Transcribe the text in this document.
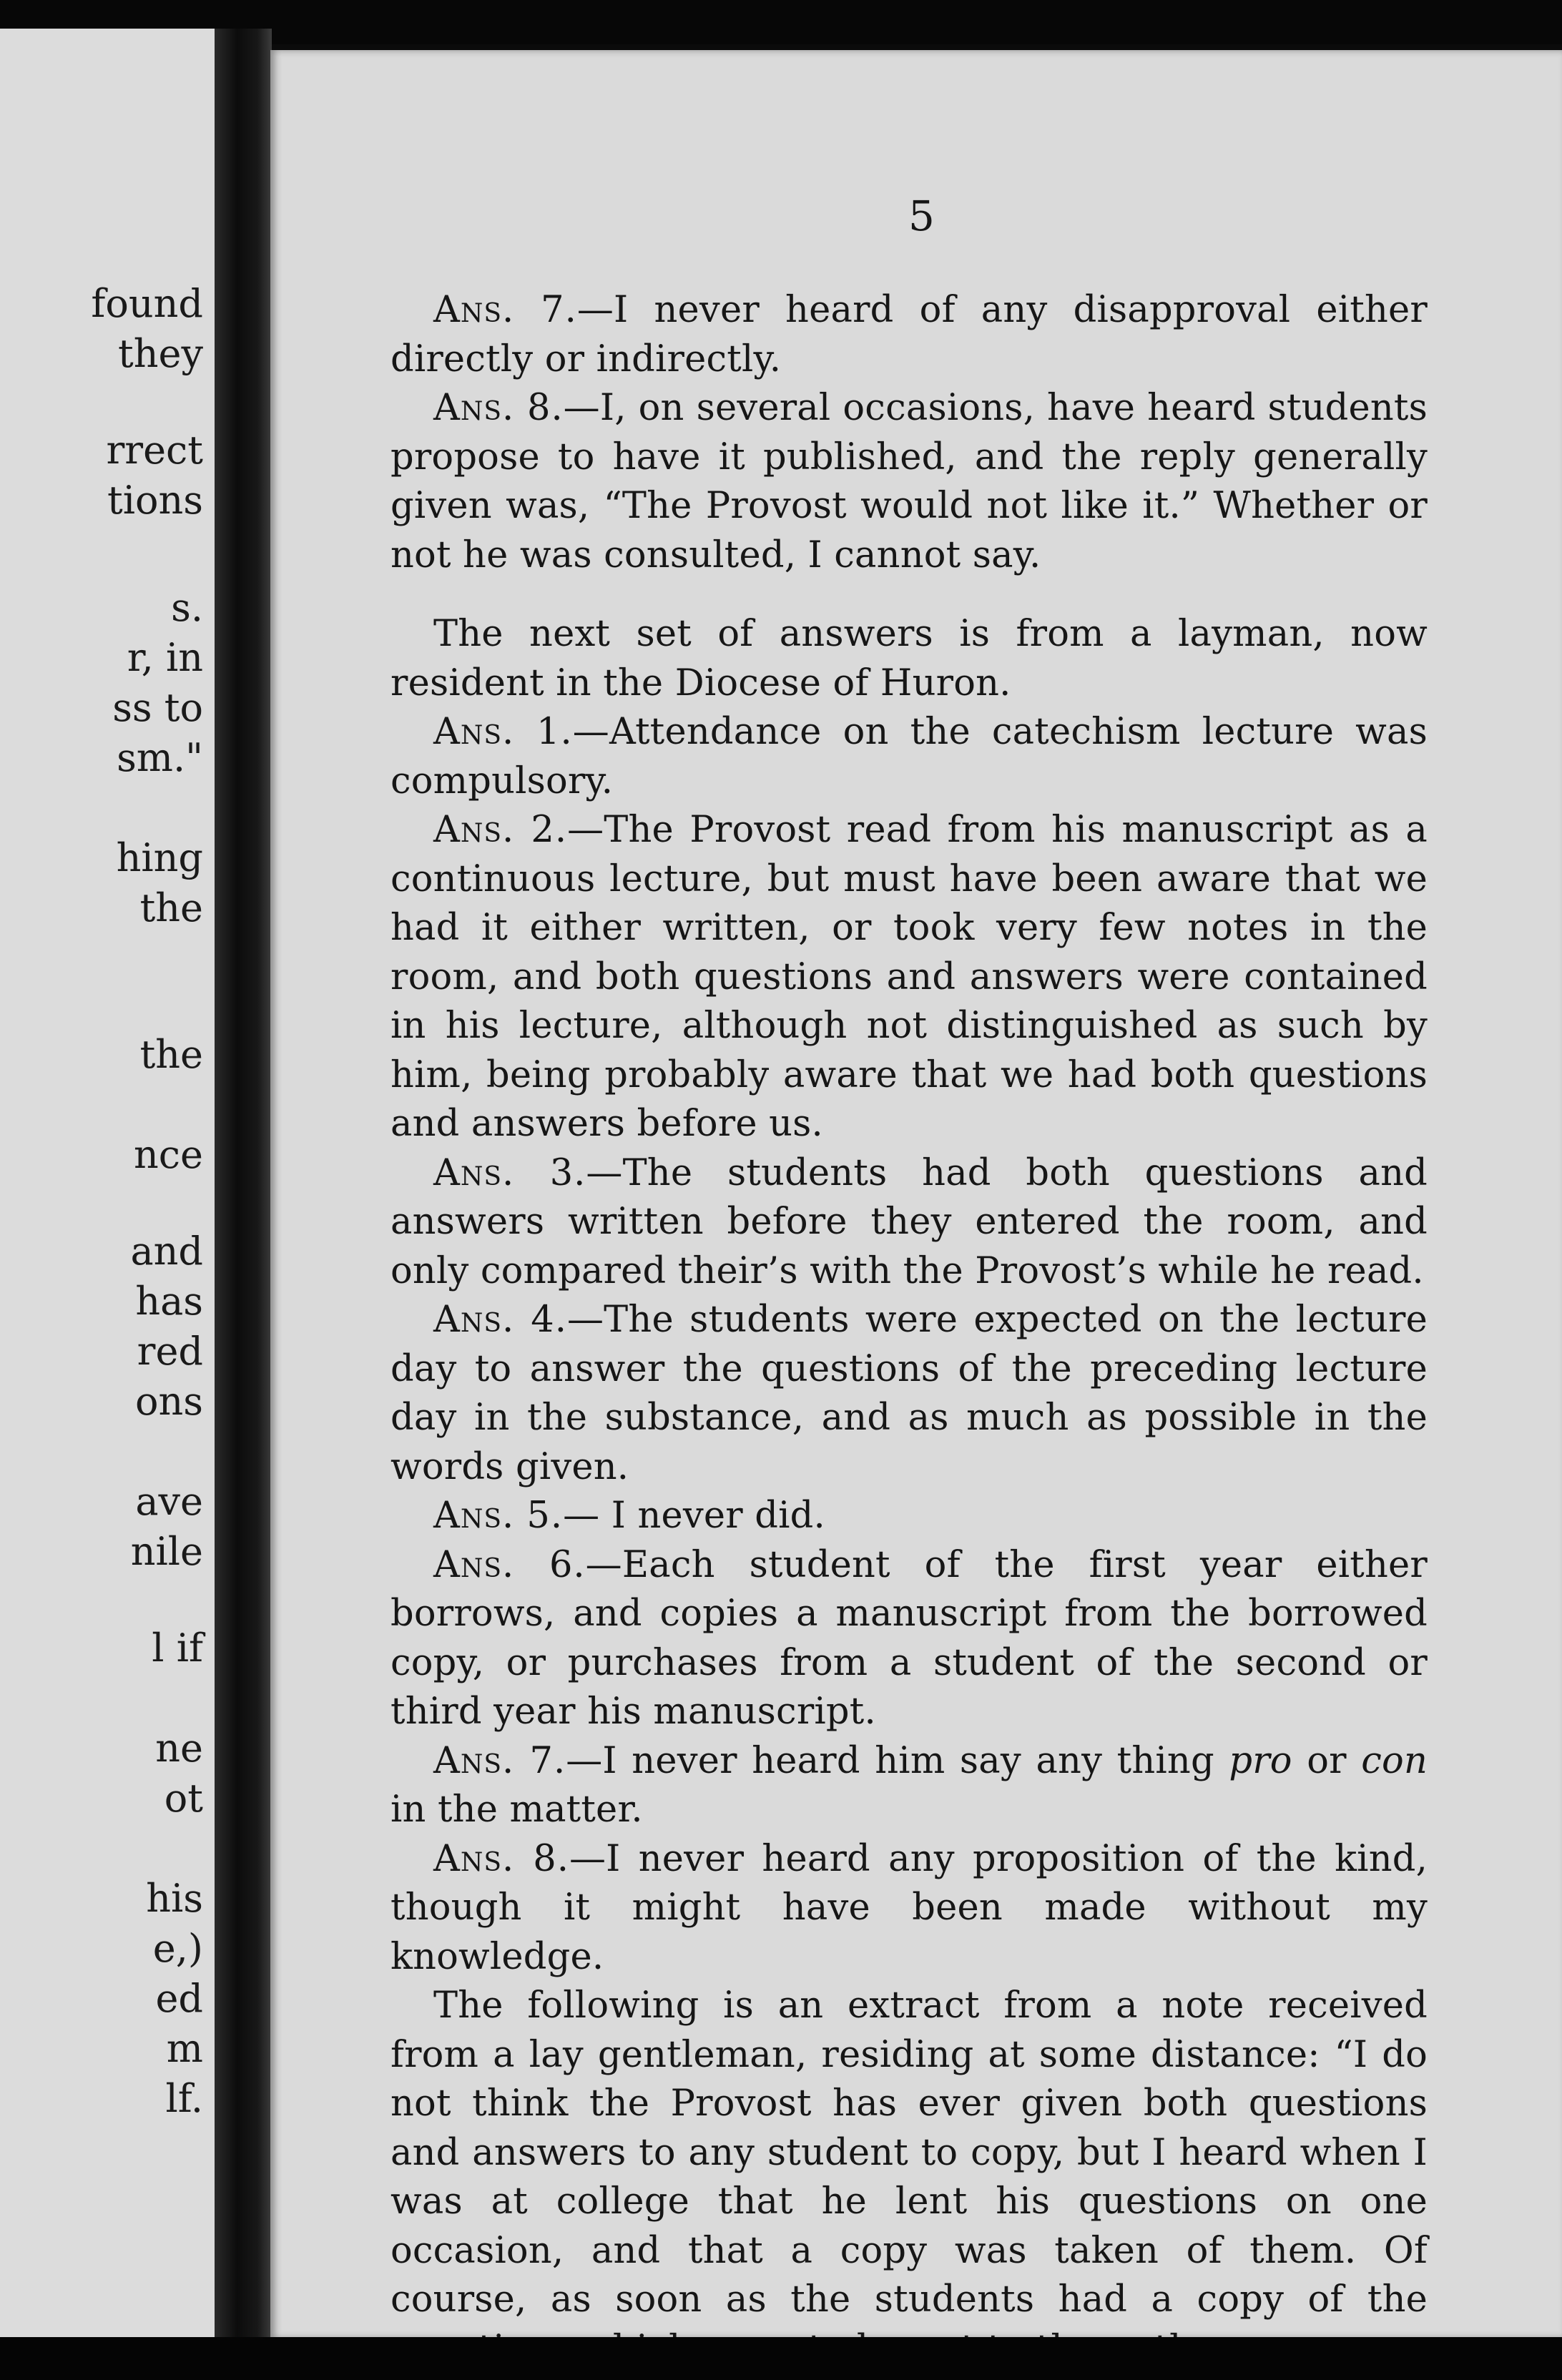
found
they
rrect
tions
s.
r, in
ss to
sm."
hing
the
the
nce
and
has
red
ons
ave
nile
l if
ne
ot
his
e,)
ed
m
lf.
5

Ans. 7.—I never heard of any disapproval either directly or indirectly.

Ans. 8.—I, on several occasions, have heard students propose to have it published, and the reply generally given was, “The Provost would not like it.” Whether or not he was consulted, I cannot say.

The next set of answers is from a layman, now resident in the Diocese of Huron.

Ans. 1.—Attendance on the catechism lecture was compulsory.

Ans. 2.—The Provost read from his manuscript as a continuous lecture, but must have been aware that we had it either written, or took very few notes in the room, and both questions and answers were contained in his lecture, although not distinguished as such by him, being probably aware that we had both questions and answers before us.

Ans. 3.—The students had both questions and answers written before they entered the room, and only compared their’s with the Provost’s while he read.

Ans. 4.—The students were expected on the lecture day to answer the questions of the preceding lecture day in the substance, and as much as possible in the words given.

Ans. 5.— I never did.

Ans. 6.—Each student of the first year either borrows, and copies a manuscript from the borrowed copy, or purchases from a student of the second or third year his manuscript.

Ans. 7.—I never heard him say any thing pro or con in the matter.

Ans. 8.—I never heard any proposition of the kind, though it might have been made without my knowledge.

The following is an extract from a note received from a lay gentleman, residing at some distance: “I do not think the Provost has ever given both questions and answers to any student to copy, but I heard when I was at college that he lent his questions on one occasion, and that a copy was taken of them. Of course, as soon as the students had a copy of the
